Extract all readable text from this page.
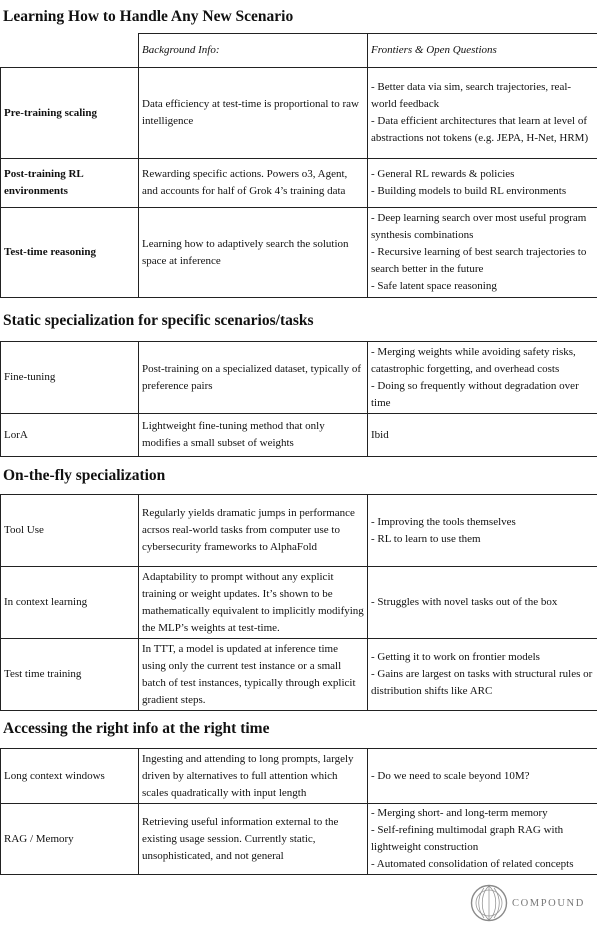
Learning How to Handle Any New Scenario
	Background Info:	Frontiers & Open Questions
Pre-training scaling	Data efficiency at test-time is proportional to raw intelligence	- Better data via sim, search trajectories, real-world feedback
- Data efficient architectures that learn at level of abstractions not tokens (e.g. JEPA, H-Net, HRM)

Post-training RL environments	Rewarding specific actions. Powers o3, Agent, and accounts for half of Grok 4’s training data	- General RL rewards & policies
- Building models to build RL environments

Test-time reasoning	Learning how to adaptively search the solution space at inference	- Deep learning search over most useful program synthesis combinations
- Recursive learning of best search trajectories to search better in the future
- Safe latent space reasoning
Static specialization for specific scenarios/tasks
Fine-tuning	Post-training on a specialized dataset, typically of preference pairs	- Merging weights while avoiding safety risks, catastrophic forgetting, and overhead costs
- Doing so frequently without degradation over time

LorA	Lightweight fine-tuning method that only modifies a small subset of weights	Ibid
On-the-fly specialization
Tool Use	Regularly yields dramatic jumps in performance acrsos real-world tasks from computer use to cybersecurity frameworks to AlphaFold	- Improving the tools themselves
- RL to learn to use them

In context learning	Adaptability to prompt without any explicit training or weight updates. It’s shown to be mathematically equivalent to implicitly modifying the MLP’s weights at test-time.	- Struggles with novel tasks out of the box

Test time training	In TTT, a model is updated at inference time using only the current test instance or a small batch of test instances, typically through explicit gradient steps.	- Getting it to work on frontier models
- Gains are largest on tasks with structural rules or distribution shifts like ARC
Accessing the right info at the right time
Long context windows	Ingesting and attending to long prompts, largely driven by alternatives to full attention which scales quadratically with input length	- Do we need to scale beyond 10M?

RAG / Memory	Retrieving useful information external to the existing usage session. Currently static, unsophisticated, and not general	- Merging short- and long-term memory
- Self-refining multimodal graph RAG with lightweight construction
- Automated consolidation of related concepts
COMPOUND
